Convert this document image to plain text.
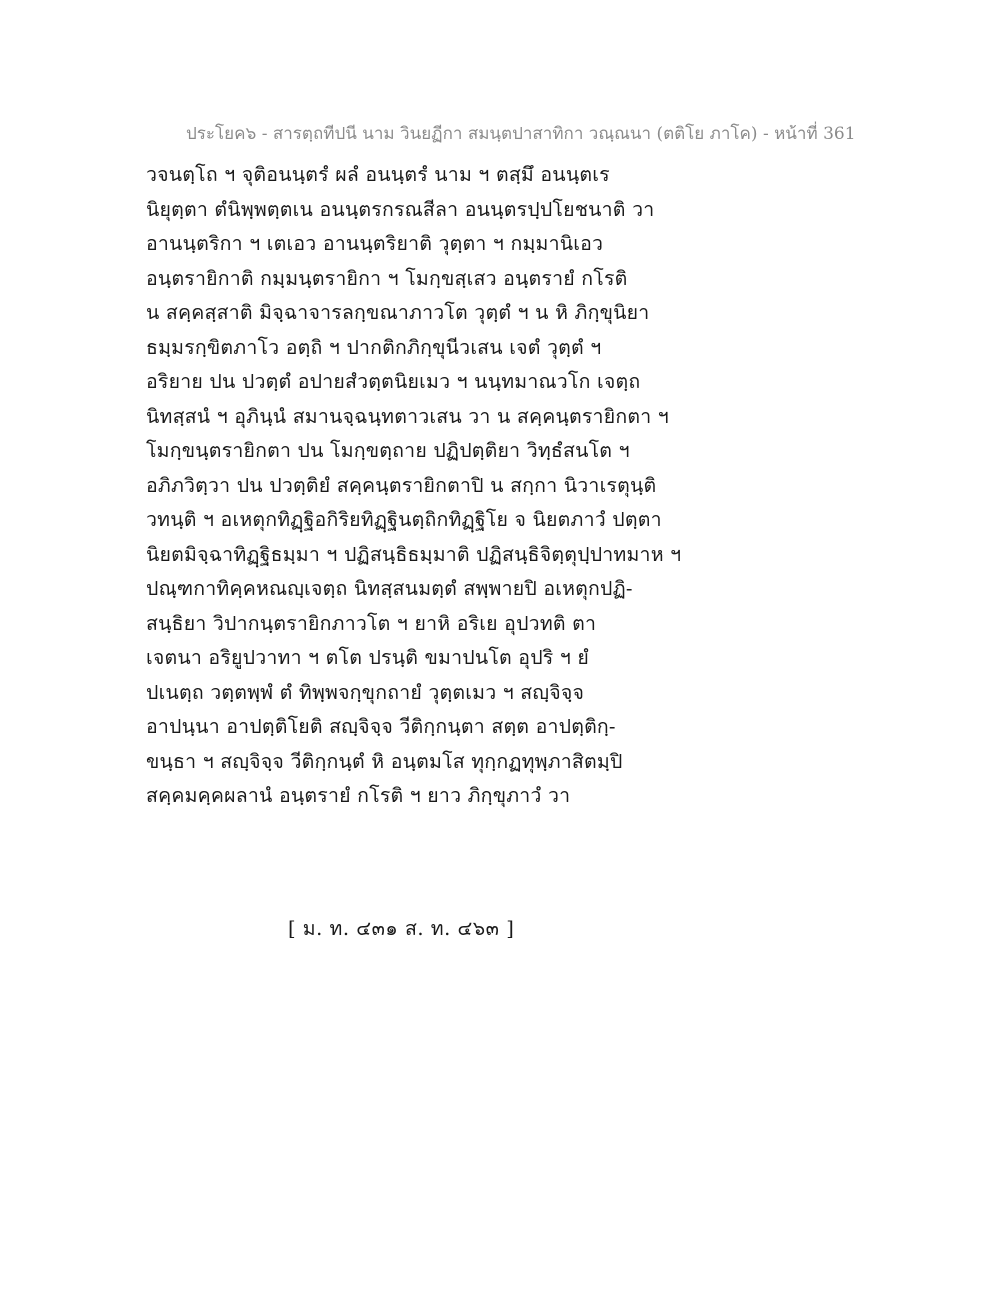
ประโยค๖ - สารตฺถทีปนี นาม วินยฏีกา สมนฺตปาสาทิกา วณฺณนา (ตติโย ภาโค) - หน้าที่ 361
วจนตฺโถ ฯ จุติอนนฺตรํ ผลํ อนนฺตรํ นาม ฯ ตสฺมึ อนนฺตเร
นิยุตฺตา ตํนิพฺพตฺตเน อนนฺตรกรณสีลา อนนฺตรปฺปโยชนาติ วา
อานนฺตริกา ฯ เตเอว อานนฺตริยาติ วุตฺตา ฯ กมฺมานิเอว
อนฺตรายิกาติ กมฺมนฺตรายิกา ฯ โมกฺขสฺเสว อนฺตรายํ กโรติ
น สคฺคสฺสาติ มิจฺฉาจารลกฺขณาภาวโต วุตฺตํ ฯ น หิ ภิกฺขุนิยา
ธมฺมรกฺขิตภาโว อตฺถิ ฯ ปากติกภิกฺขุนีวเสน เจตํ วุตฺตํ ฯ
อริยาย ปน ปวตฺตํ อปายสํวตฺตนิยเมว ฯ นนฺทมาณวโก เจตฺถ
นิทสฺสนํ ฯ อุภินฺนํ สมานจฺฉนฺทตาวเสน วา น สคฺคนฺตรายิกตา ฯ
โมกฺขนฺตรายิกตา ปน โมกฺขตฺถาย ปฏิปตฺติยา วิทฺธํสนโต ฯ
อภิภวิตฺวา ปน ปวตฺติยํ สคฺคนฺตรายิกตาปิ น สกฺกา นิวาเรตุนฺติ
วทนฺติ ฯ อเหตุกทิฏฺฐิอกิริยทิฏฺฐินตฺถิกทิฏฺฐิโย จ นิยตภาวํ ปตฺตา
นิยตมิจฺฉาทิฏฺฐิธมฺมา ฯ ปฏิสนฺธิธมฺมาติ ปฏิสนฺธิจิตฺตุปฺปาทมาห ฯ
ปณฺฑกาทิคฺคหณญฺเจตฺถ นิทสฺสนมตฺตํ สพฺพายปิ อเหตุกปฏิ-
สนฺธิยา วิปากนฺตรายิกภาวโต ฯ ยาหิ อริเย อุปวทติ ตา
เจตนา อริยูปวาทา ฯ ตโต ปรนฺติ ขมาปนโต อุปริ ฯ ยํ
ปเนตฺถ วตฺตพฺพํ ตํ ทิพฺพจกฺขุกถายํ วุตฺตเมว ฯ สญฺจิจฺจ
อาปนฺนา อาปตฺติโยติ สญฺจิจฺจ วีติกฺกนฺตา สตฺต อาปตฺติกฺ-
ขนฺธา ฯ สญฺจิจฺจ วีติกฺกนฺตํ หิ อนฺตมโส ทุกฺกฏทุพฺภาสิตมฺปิ
สคฺคมคฺคผลานํ อนฺตรายํ กโรติ ฯ ยาว ภิกฺขุภาวํ วา
[ ม. ท. ๔๓๑ ส. ท. ๔๖๓ ]
